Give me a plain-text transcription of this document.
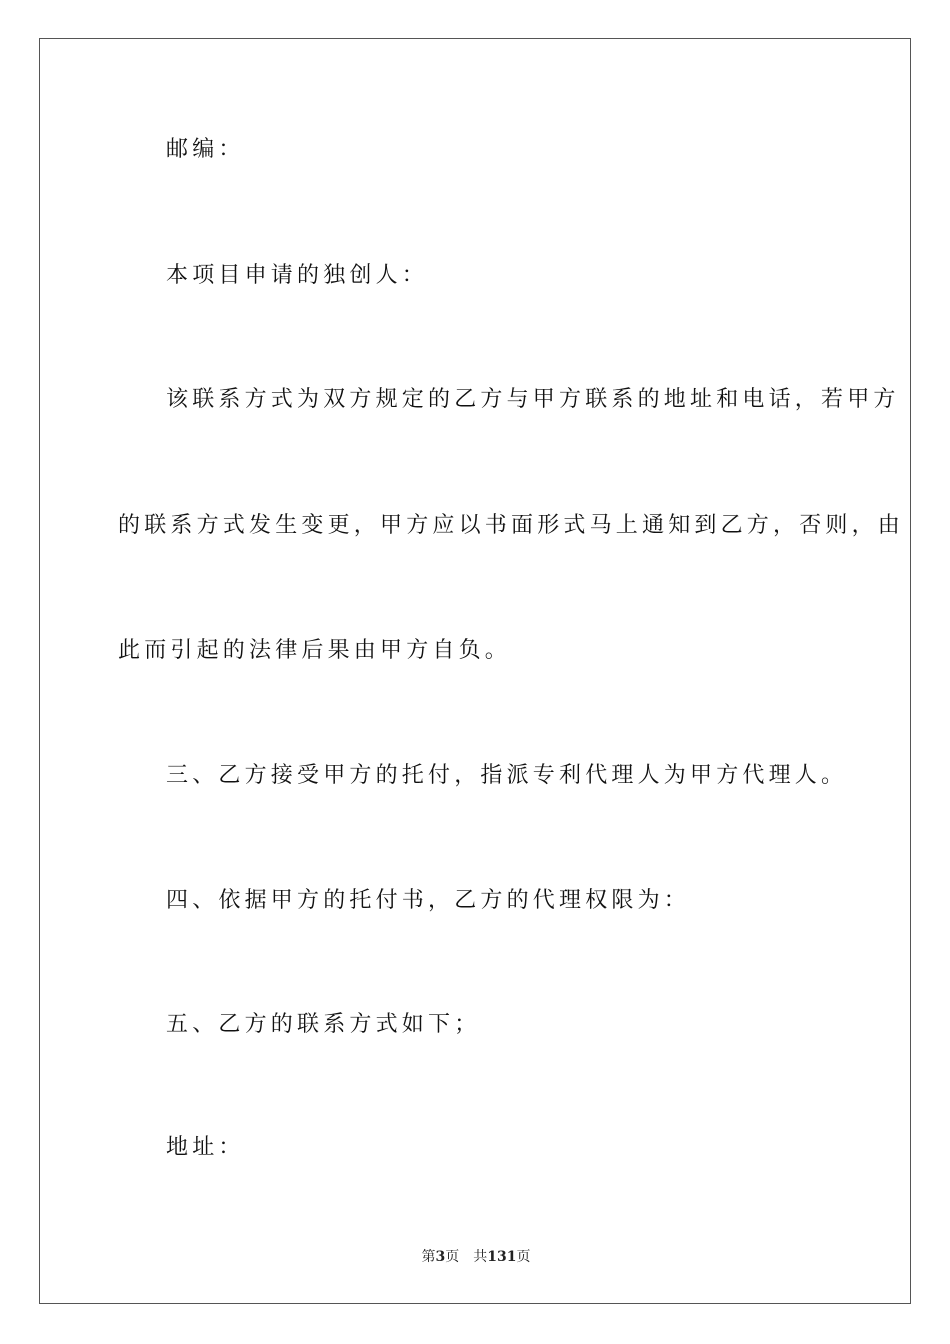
邮编：
本项目申请的独创人：
该联系方式为双方规定的乙方与甲方联系的地址和电话，若甲方
的联系方式发生变更，甲方应以书面形式马上通知到乙方，否则，由
此而引起的法律后果由甲方自负。
三、乙方接受甲方的托付，指派专利代理人为甲方代理人。
四、依据甲方的托付书，乙方的代理权限为：
五、乙方的联系方式如下；
地址：
第3页 共131页
